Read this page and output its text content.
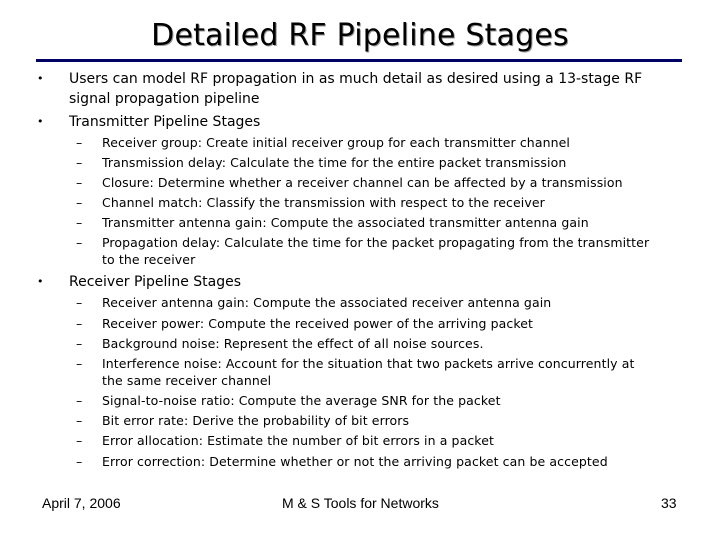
Detailed RF Pipeline Stages
• Users can model RF propagation in as much detail as desired using a 13-stage RF
signal propagation pipeline
• Transmitter Pipeline Stages
– Receiver group: Create initial receiver group for each transmitter channel
– Transmission delay: Calculate the time for the entire packet transmission
– Closure: Determine whether a receiver channel can be affected by a transmission
– Channel match: Classify the transmission with respect to the receiver
– Transmitter antenna gain: Compute the associated transmitter antenna gain
– Propagation delay: Calculate the time for the packet propagating from the transmitter
to the receiver
• Receiver Pipeline Stages
– Receiver antenna gain: Compute the associated receiver antenna gain
– Receiver power: Compute the received power of the arriving packet
– Background noise: Represent the effect of all noise sources.
– Interference noise: Account for the situation that two packets arrive concurrently at
the same receiver channel
– Signal-to-noise ratio: Compute the average SNR for the packet
– Bit error rate: Derive the probability of bit errors
– Error allocation: Estimate the number of bit errors in a packet
– Error correction: Determine whether or not the arriving packet can be accepted
April 7, 2006	M & S Tools for Networks	33
